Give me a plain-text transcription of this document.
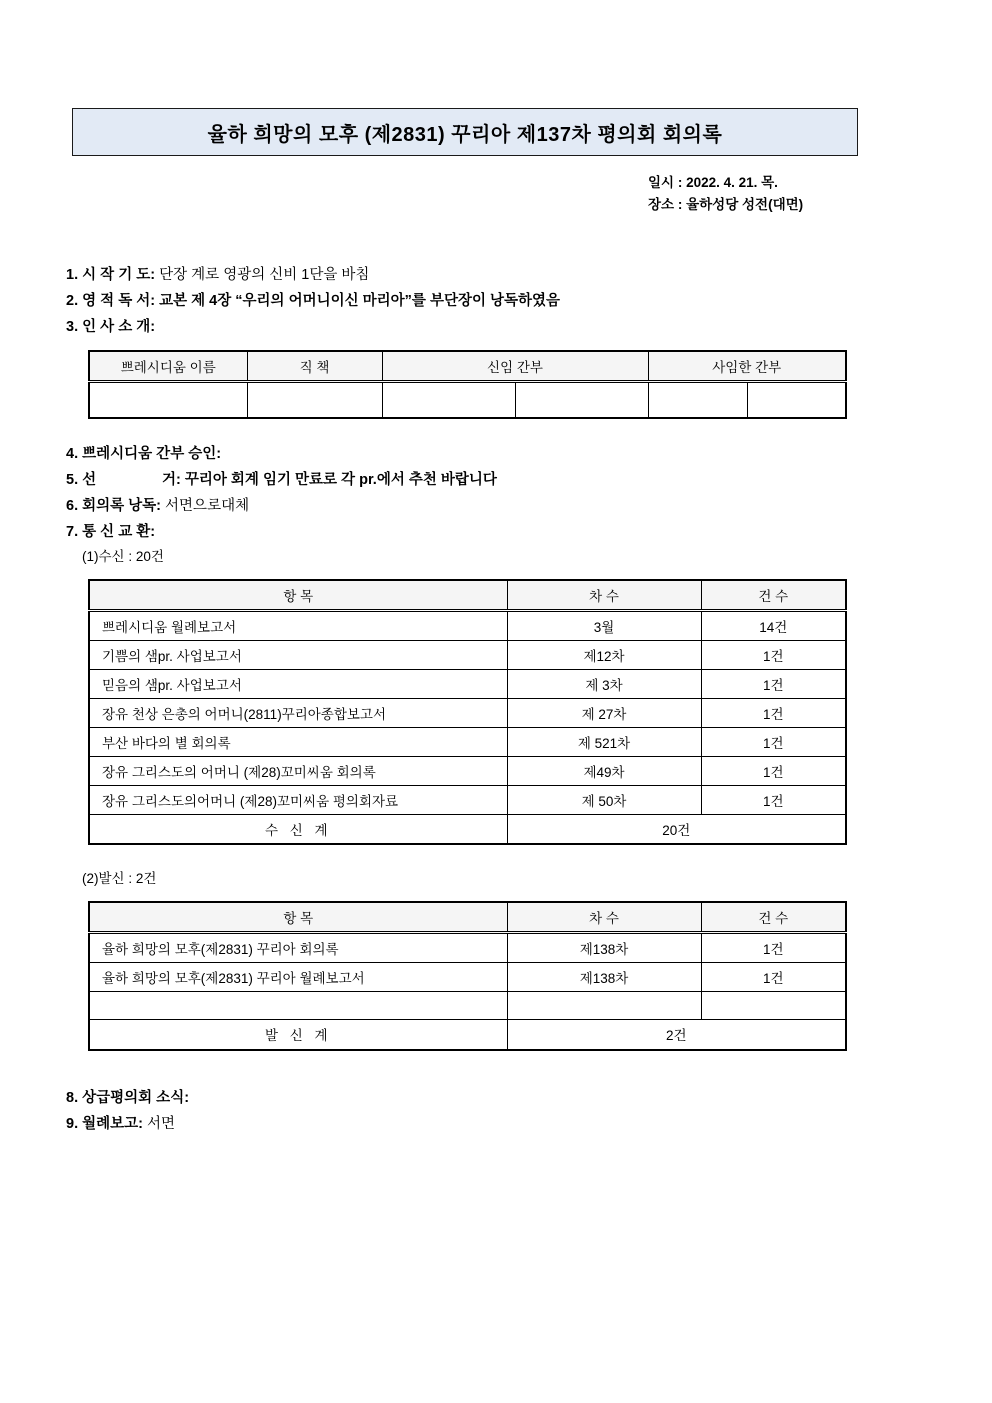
율하 희망의 모후 (제2831) 꾸리아 제137차 평의회 회의록
일시 : 2022. 4. 21. 목.
장소 : 율하성당 성전(대면)
1. 시 작 기 도: 단장 계로 영광의 신비 1단을 바침
2. 영 적 독 서: 교본 제 4장 “우리의 어머니이신 마리아”를 부단장이 낭독하였음
3. 인 사 소 개:
쁘레시디움 이름	직 책	신임 간부		사임한 간부	

4. 쁘레시디움 간부 승인:
5. 선	거: 꾸리아 회계 임기 만료로 각 pr.에서 추천 바랍니다
6. 회의록 낭독: 서면으로대체
7. 통 신 교 환:
(1)수신 : 20건
항 목	차 수	건 수
쁘레시디움 월례보고서	3월	14건
기쁨의 샘pr. 사업보고서	제12차	1건
믿음의 샘pr. 사업보고서	제 3차	1건
장유 천상 은총의 어머니(2811)꾸리아종합보고서	제 27차	1건
부산 바다의 별 회의록	제 521차	1건
장유 그리스도의 어머니 (제28)꼬미씨움 회의록	제49차	1건
장유 그리스도의어머니 (제28)꼬미씨움 평의회자료	제 50차	1건
수 신 계	20건	
(2)발신 : 2건
항 목	차 수	건 수
율하 희망의 모후(제2831) 꾸리아 회의록	제138차	1건
율하 희망의 모후(제2831) 꾸리아 월례보고서	제138차	1건

발 신 계	2건	
8. 상급평의회 소식:
9. 월례보고: 서면
